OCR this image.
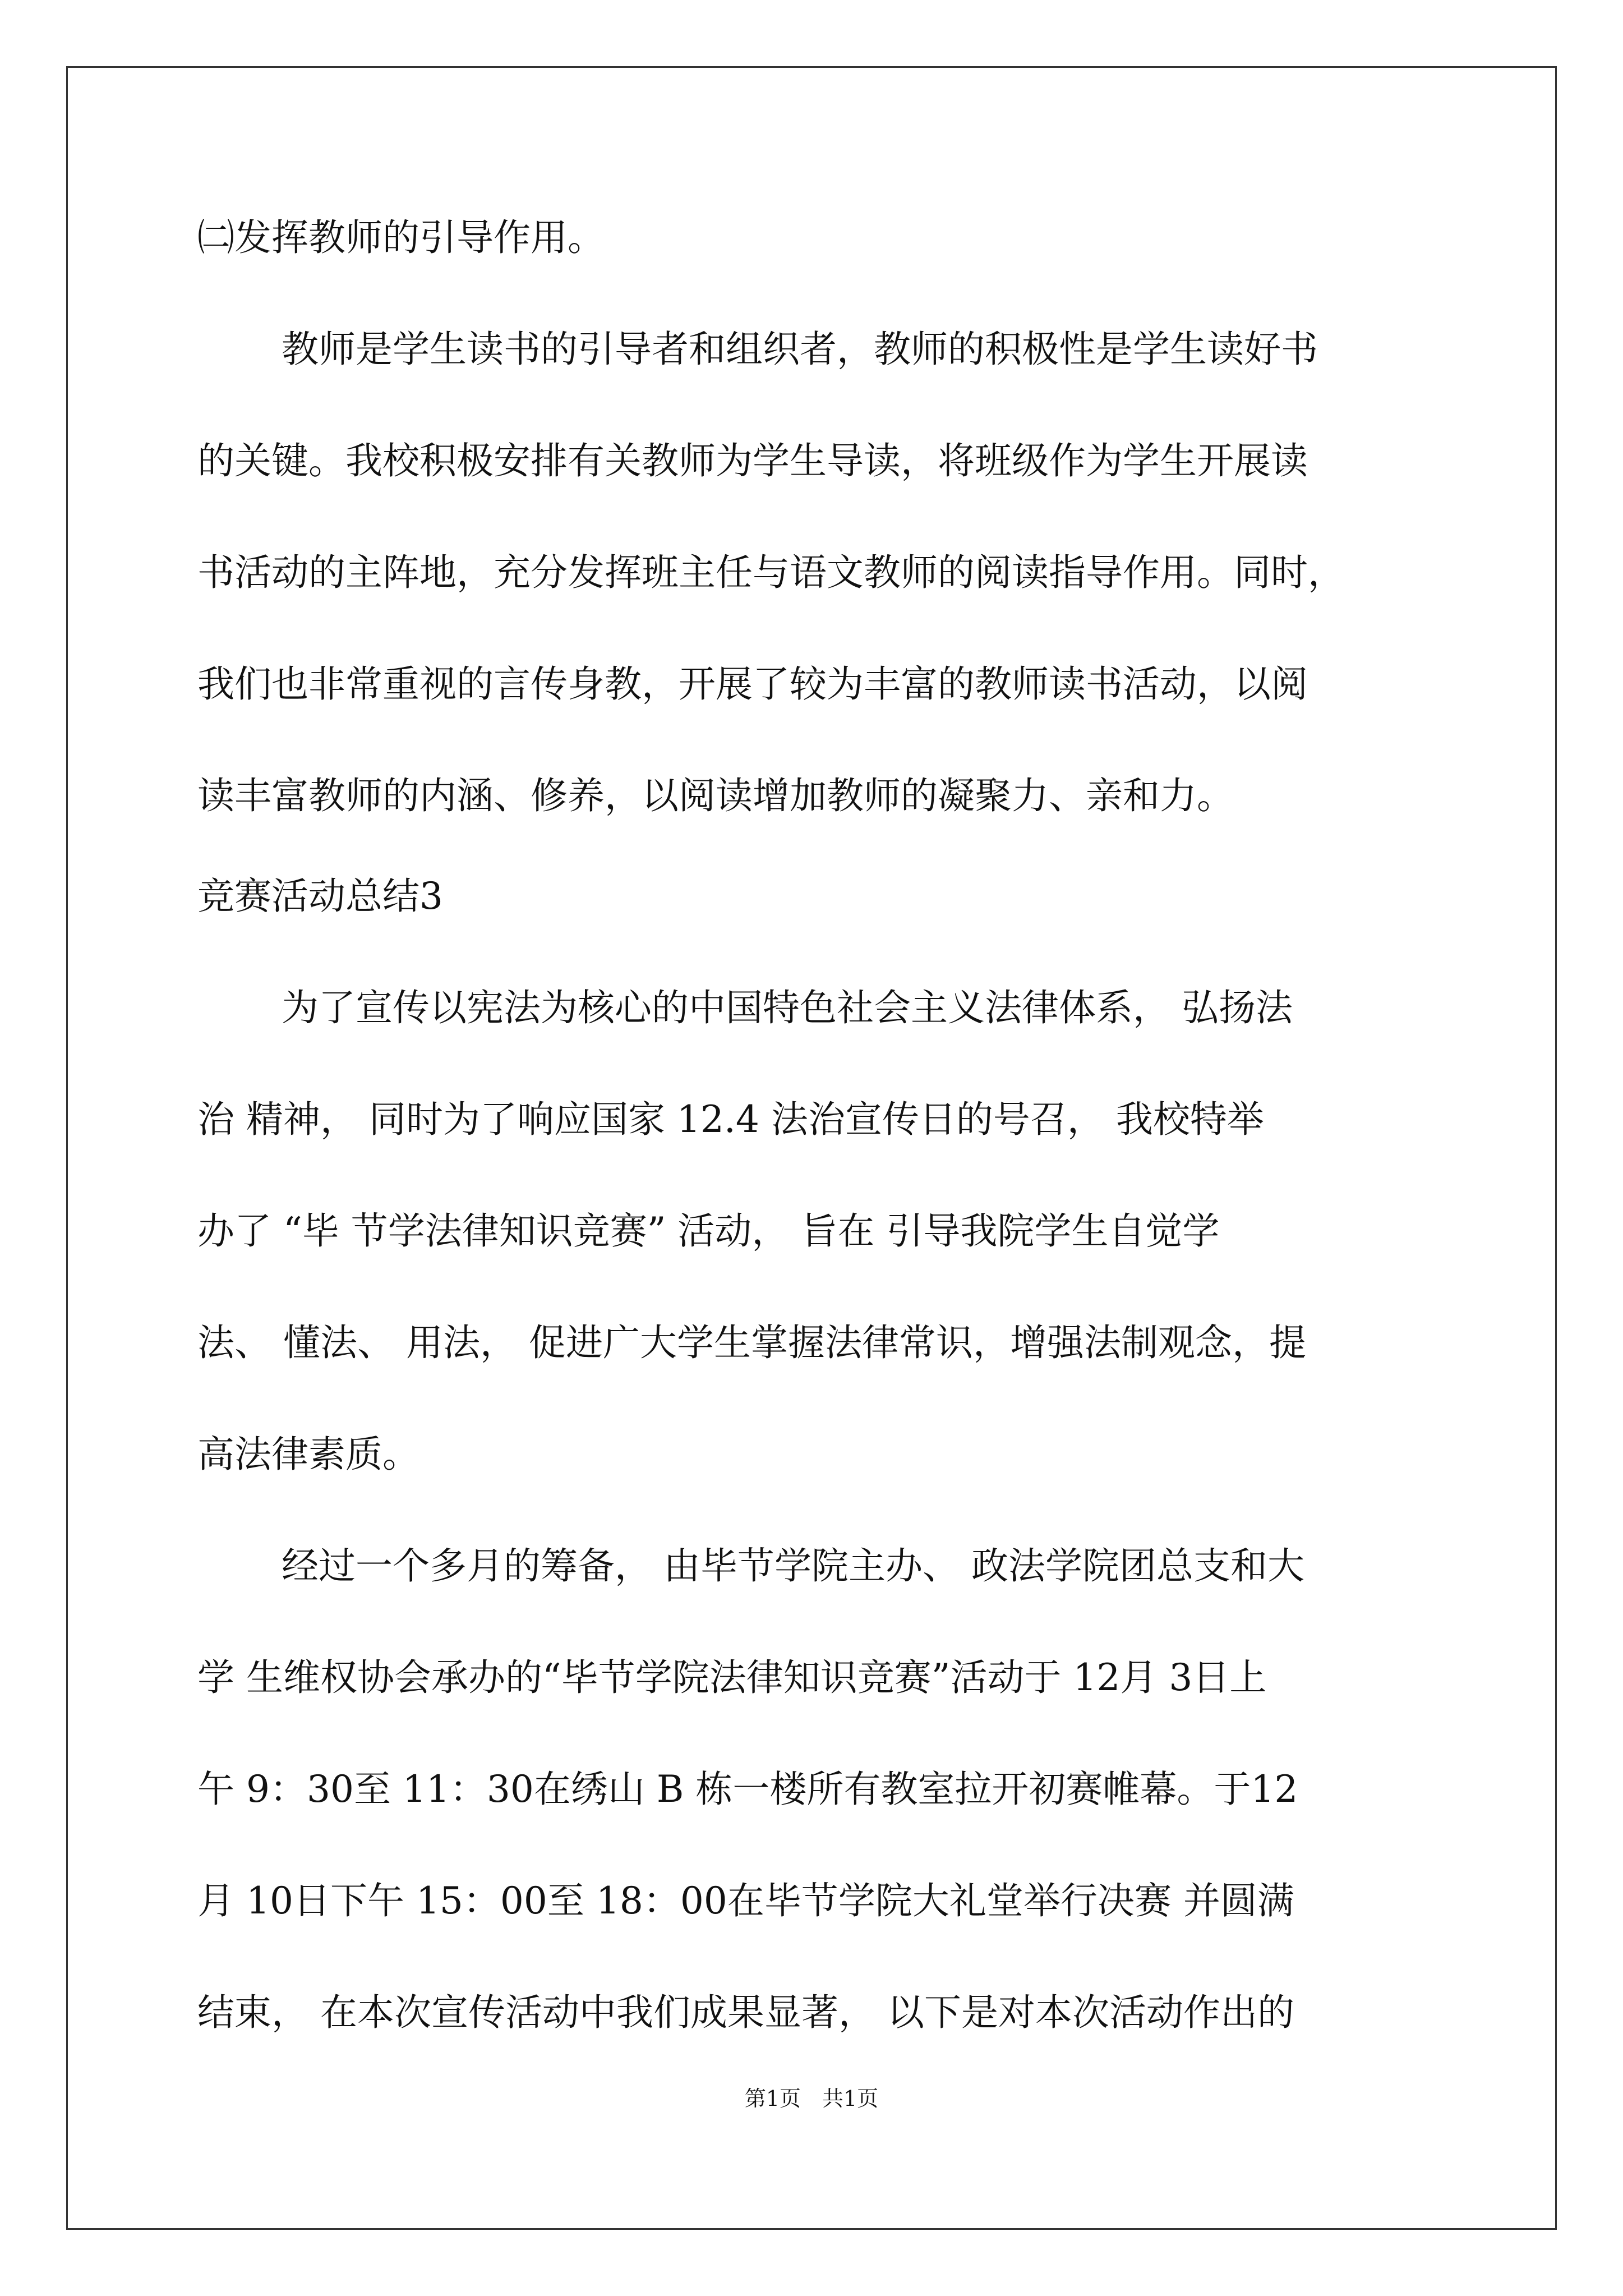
㈡发挥教师的引导作用。

教师是学生读书的引导者和组织者，教师的积极性是学生读好书

的关键。我校积极安排有关教师为学生导读，将班级作为学生开展读

书活动的主阵地，充分发挥班主任与语文教师的阅读指导作用。同时，

我们也非常重视的言传身教，开展了较为丰富的教师读书活动，以阅

读丰富教师的内涵、修养，以阅读增加教师的凝聚力、亲和力。

竞赛活动总结3

为了宣传以宪法为核心的中国特色社会主义法律体系， 弘扬法

治 精神， 同时为了响应国家 12.4 法治宣传日的号召， 我校特举

办了 “毕 节学法律知识竞赛” 活动， 旨在 引导我院学生自觉学

法、 懂法、 用法， 促进广大学生掌握法律常识，增强法制观念，提

高法律素质。

经过一个多月的筹备， 由毕节学院主办、 政法学院团总支和大

学 生维权协会承办的“毕节学院法律知识竞赛”活动于 12月 3日上

午 9：30至 11：30在绣山 B 栋一楼所有教室拉开初赛帷幕。于12

月 10日下午 15：00至 18：00在毕节学院大礼堂举行决赛 并圆满

结束， 在本次宣传活动中我们成果显著， 以下是对本次活动作出的

第1页　共1页
